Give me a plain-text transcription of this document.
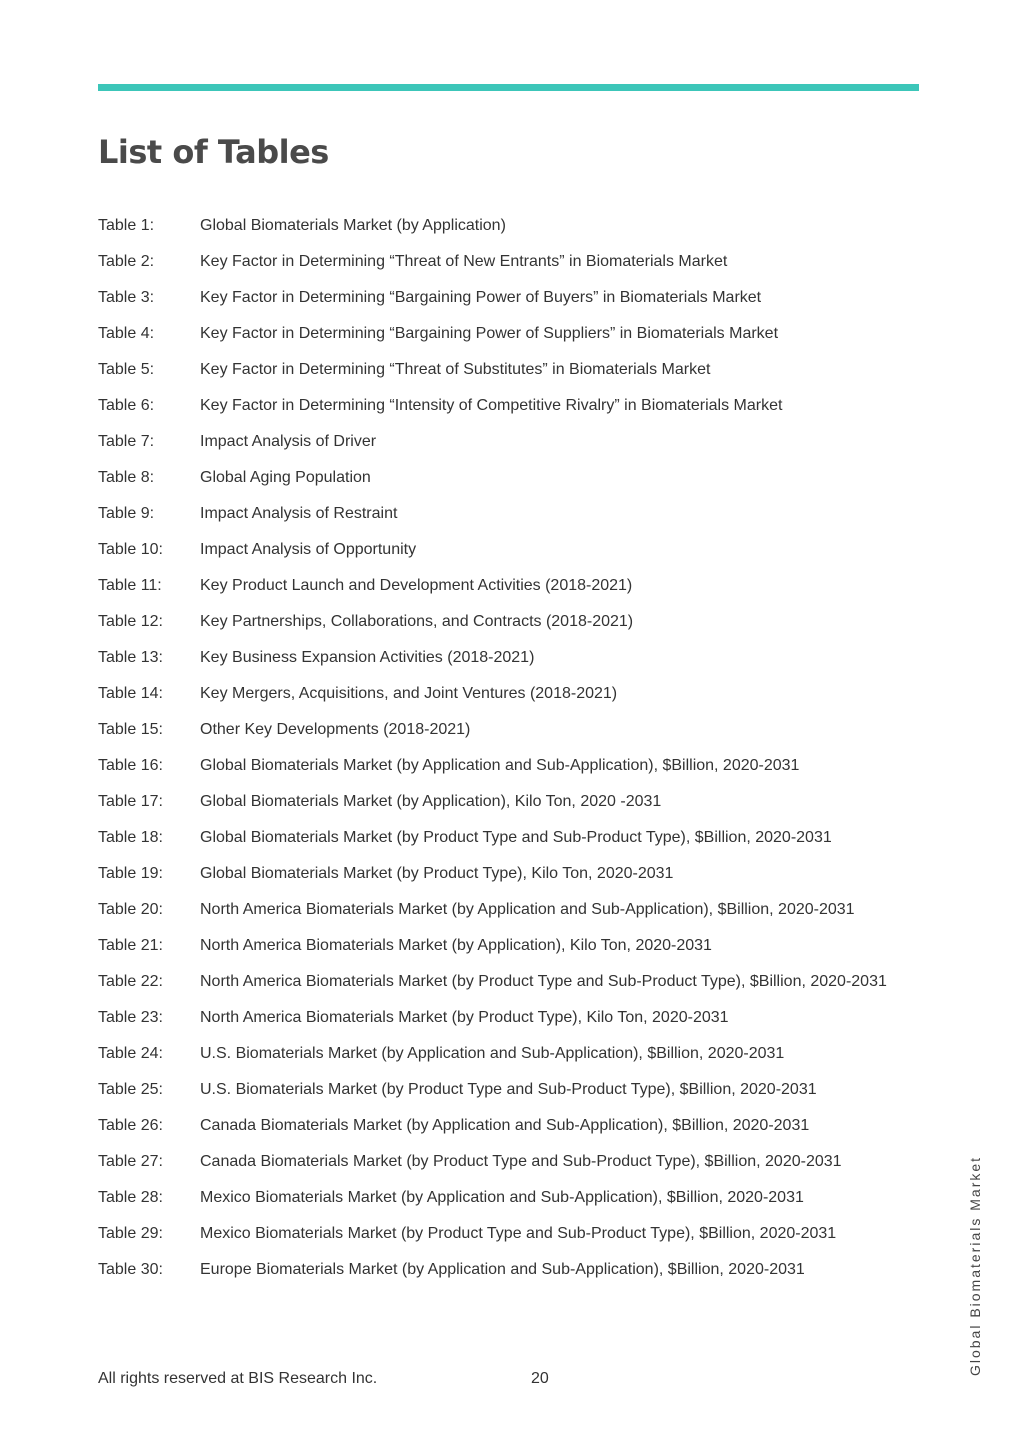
List of Tables
Table 1:	Global Biomaterials Market (by Application)
Table 2:	Key Factor in Determining “Threat of New Entrants” in Biomaterials Market
Table 3:	Key Factor in Determining “Bargaining Power of Buyers” in Biomaterials Market
Table 4:	Key Factor in Determining “Bargaining Power of Suppliers” in Biomaterials Market
Table 5:	Key Factor in Determining “Threat of Substitutes” in Biomaterials Market
Table 6:	Key Factor in Determining “Intensity of Competitive Rivalry” in Biomaterials Market
Table 7:	Impact Analysis of Driver
Table 8:	Global Aging Population
Table 9:	Impact Analysis of Restraint
Table 10:	Impact Analysis of Opportunity
Table 11:	Key Product Launch and Development Activities (2018-2021)
Table 12:	Key Partnerships, Collaborations, and Contracts (2018-2021)
Table 13:	Key Business Expansion Activities (2018-2021)
Table 14:	Key Mergers, Acquisitions, and Joint Ventures (2018-2021)
Table 15:	Other Key Developments (2018-2021)
Table 16:	Global Biomaterials Market (by Application and Sub-Application), $Billion, 2020-2031
Table 17:	Global Biomaterials Market (by Application), Kilo Ton, 2020 -2031
Table 18:	Global Biomaterials Market (by Product Type and Sub-Product Type), $Billion, 2020-2031
Table 19:	Global Biomaterials Market (by Product Type), Kilo Ton, 2020-2031
Table 20:	North America Biomaterials Market (by Application and Sub-Application), $Billion, 2020-2031
Table 21:	North America Biomaterials Market (by Application), Kilo Ton, 2020-2031
Table 22:	North America Biomaterials Market (by Product Type and Sub-Product Type), $Billion, 2020-2031
Table 23:	North America Biomaterials Market (by Product Type), Kilo Ton, 2020-2031
Table 24:	U.S. Biomaterials Market (by Application and Sub-Application), $Billion, 2020-2031
Table 25:	U.S. Biomaterials Market (by Product Type and Sub-Product Type), $Billion, 2020-2031
Table 26:	Canada Biomaterials Market (by Application and Sub-Application), $Billion, 2020-2031
Table 27:	Canada Biomaterials Market (by Product Type and Sub-Product Type), $Billion, 2020-2031
Table 28:	Mexico Biomaterials Market (by Application and Sub-Application), $Billion, 2020-2031
Table 29:	Mexico Biomaterials Market (by Product Type and Sub-Product Type), $Billion, 2020-2031
Table 30:	Europe Biomaterials Market (by Application and Sub-Application), $Billion, 2020-2031
All rights reserved at BIS Research Inc.	20
Global Biomaterials Market
